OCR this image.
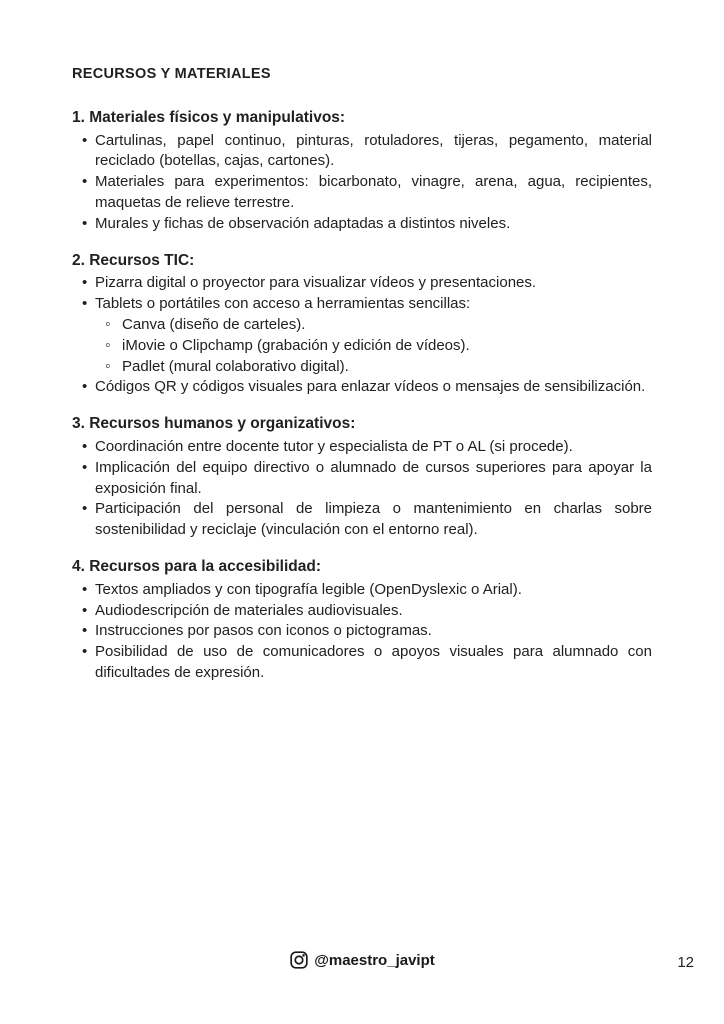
RECURSOS Y MATERIALES
1. Materiales físicos y manipulativos:
• Cartulinas, papel continuo, pinturas, rotuladores, tijeras, pegamento, material reciclado (botellas, cajas, cartones).

• Materiales para experimentos: bicarbonato, vinagre, arena, agua, recipientes, maquetas de relieve terrestre.

• Murales y fichas de observación adaptadas a distintos niveles.

2. Recursos TIC:
• Pizarra digital o proyector para visualizar vídeos y presentaciones.

• Tablets o portátiles con acceso a herramientas sencillas:

◦ Canva (diseño de carteles).

◦ iMovie o Clipchamp (grabación y edición de vídeos).

◦ Padlet (mural colaborativo digital).

• Códigos QR y códigos visuales para enlazar vídeos o mensajes de sensibilización.

3. Recursos humanos y organizativos:
• Coordinación entre docente tutor y especialista de PT o AL (si procede).

• Implicación del equipo directivo o alumnado de cursos superiores para apoyar la exposición final.

• Participación del personal de limpieza o mantenimiento en charlas sobre sostenibilidad y reciclaje (vinculación con el entorno real).

4. Recursos para la accesibilidad:
• Textos ampliados y con tipografía legible (OpenDyslexic o Arial).

• Audiodescripción de materiales audiovisuales.

• Instrucciones por pasos con iconos o pictogramas.

• Posibilidad de uso de comunicadores o apoyos visuales para alumnado con dificultades de expresión.

@maestro_javipt	12
